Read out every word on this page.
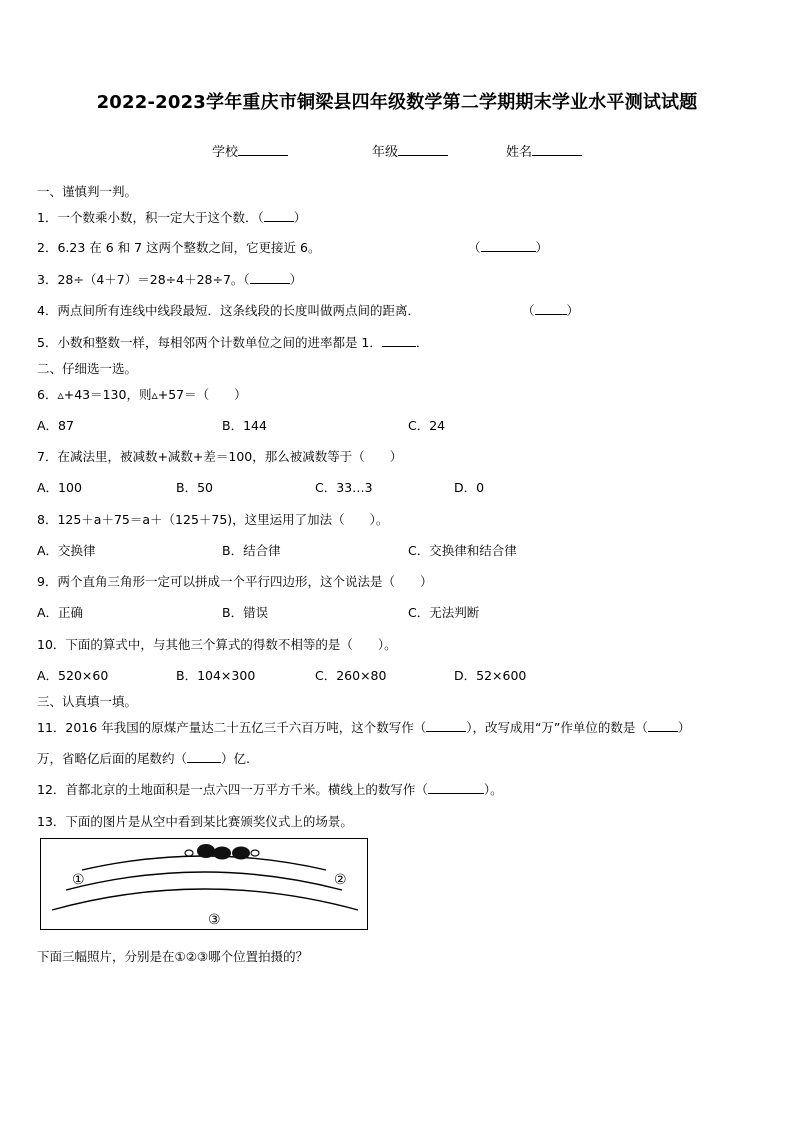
2022-2023学年重庆市铜梁县四年级数学第二学期期末学业水平测试试题
学校	年级	姓名
一、谨慎判一判。
1．一个数乘小数，积一定大于这个数．（ ）
2．6.23 在 6 和 7 这两个整数之间，它更接近 6。	（	）
3．28÷（4＋7）＝28÷4＋28÷7。（	）
4．两点间所有连线中线段最短．这条线段的长度叫做两点间的距离．	（	）
5．小数和整数一样，每相邻两个计数单位之间的进率都是 1．	．
二、仔细选一选。
6．▵+43＝130，则▵+57＝（　　）
A．87	B．144	C．24
7．在减法里，被减数+减数+差＝100，那么被减数等于（　　）
A．100	B．50	C．33…3	D．0
8．125＋a＋75＝a＋（125＋75)，这里运用了加法（　　）。
A．交换律	B．结合律	C．交换律和结合律
9．两个直角三角形一定可以拼成一个平行四边形，这个说法是（　　）
A．正确	B．错误	C．无法判断
10．下面的算式中，与其他三个算式的得数不相等的是（　　）。
A．520×60	B．104×300	C．260×80	D．52×600
三、认真填一填。
11．2016 年我国的原煤产量达二十五亿三千六百万吨，这个数写作（	），改写成用“万”作单位的数是（ ）
万，省略亿后面的尾数约（	）亿.
12．首都北京的土地面积是一点六四一万平方千米。横线上的数写作（	）。
13．下面的图片是从空中看到某比赛颁奖仪式上的场景。
①	②
③
下面三幅照片，分别是在①②③哪个位置拍摄的？
